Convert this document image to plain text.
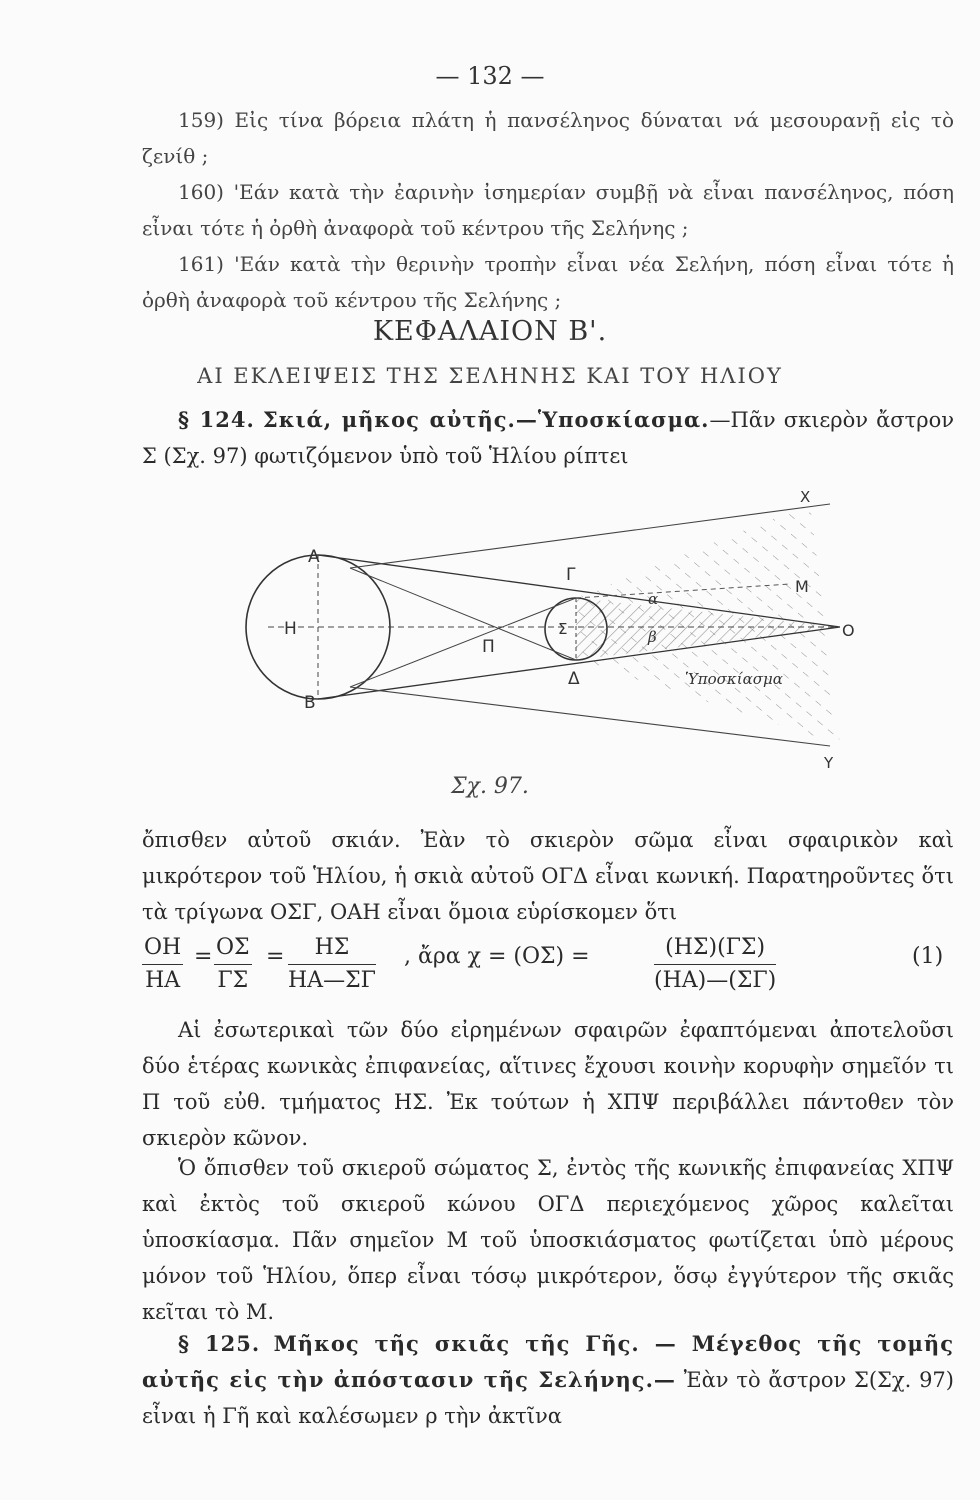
— 132 —

159) Εἰς τίνα βόρεια πλάτη ἡ πανσέληνος δύναται νά μεσουρανῇ εἰς τὸ ζενίθ ;

160) 'Εάν κατὰ τὴν ἐαρινὴν ἰσημερίαν συμβῇ νὰ εἶναι πανσέληνος, πόση εἶναι τότε ἡ ὀρθὴ ἀναφορὰ τοῦ κέντρου τῆς Σελήνης ;

161) 'Εάν κατὰ τὴν θερινὴν τροπὴν εἶναι νέα Σελήνη, πόση εἶναι τότε ἡ ὀρθὴ ἀναφορὰ τοῦ κέντρου τῆς Σελήνης ;

ΚΕΦΑΛΑΙΟΝ Β'.
ΑΙ ΕΚΛΕΙΨΕΙΣ ΤΗΣ ΣΕΛΗΝΗΣ ΚΑΙ ΤΟΥ ΗΛΙΟΥ

§ 124. Σκιά, μῆκος αὐτῆς.—Ὑποσκίασμα.—Πᾶν σκιερὸν ἄστρον Σ (Σχ. 97) φωτιζόμενον ὑπὸ τοῦ Ἡλίου ρίπτει

Α
Β
Η
Π
Γ
Δ
Σ
Μ
Ο
Χ
Υ
α
β
Ὑποσκίασμα
Σχ. 97.

ὄπισθεν αὐτοῦ σκιάν. Ἐὰν τὸ σκιερὸν σῶμα εἶναι σφαιρικὸν καὶ μικρότερον τοῦ Ἡλίου, ἡ σκιὰ αὐτοῦ ΟΓΔ εἶναι κωνική. Παρατηροῦντες ὅτι τὰ τρίγωνα ΟΣΓ, ΟΑΗ εἶναι ὅμοια εὑρίσκομεν ὅτι

$\frac{OH}{HA} = \frac{O\Sigma}{\Gamma\Sigma} = \frac{H\Sigma}{HA—\Sigma\Gamma}$ , ἄρα χ = (ΟΣ) =	$\frac{(H\Sigma)(\Gamma\Sigma)}{(HA)—(\Sigma\Gamma)}$	(1)

Αἱ ἐσωτερικαὶ τῶν δύο εἰρημένων σφαιρῶν ἐφαπτόμεναι ἀποτελοῦσι δύο ἑτέρας κωνικὰς ἐπιφανείας, αἵτινες ἔχουσι κοινὴν κορυφὴν σημεῖόν τι Π τοῦ εὐθ. τμήματος ΗΣ. Ἐκ τούτων ἡ ΧΠΨ περιβάλλει πάντοθεν τὸν σκιερὸν κῶνον.

Ὁ ὄπισθεν τοῦ σκιεροῦ σώματος Σ, ἐντὸς τῆς κωνικῆς ἐπιφανείας ΧΠΨ καὶ ἐκτὸς τοῦ σκιεροῦ κώνου ΟΓΔ περιεχόμενος χῶρος καλεῖται ὑποσκίασμα. Πᾶν σημεῖον Μ τοῦ ὑποσκιάσματος φωτίζεται ὑπὸ μέρους μόνον τοῦ Ἡλίου, ὅπερ εἶναι τόσῳ μικρότερον, ὅσῳ ἐγγύτερον τῆς σκιᾶς κεῖται τὸ Μ.

§ 125. Μῆκος τῆς σκιᾶς τῆς Γῆς. — Μέγεθος τῆς τομῆς αὐτῆς εἰς τὴν ἀπόστασιν τῆς Σελήνης.— Ἐὰν τὸ ἄστρον Σ(Σχ. 97) εἶναι ἡ Γῆ καὶ καλέσωμεν ρ τὴν ἀκτῖνα
